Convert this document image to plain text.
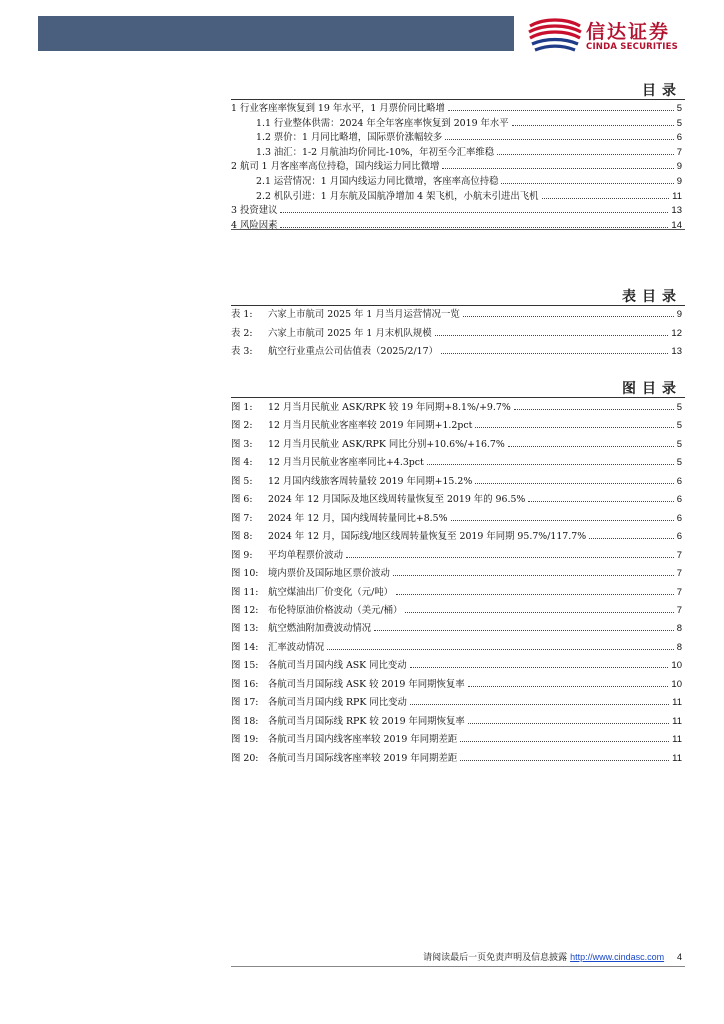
信达证券
CINDA SECURITIES
目录
1 行业客座率恢复到 19 年水平，1 月票价同比略增	5
1.1 行业整体供需：2024 年全年客座率恢复到 2019 年水平	5
1.2 票价：1 月同比略增，国际票价涨幅较多	6
1.3 油汇：1-2 月航油均价同比-10%，年初至今汇率维稳	7
2 航司 1 月客座率高位持稳，国内线运力同比微增	9
2.1 运营情况：1 月国内线运力同比微增，客座率高位持稳	9
2.2 机队引进：1 月东航及国航净增加 4 架飞机，小航未引进出飞机	11
3 投资建议	13
4 风险因素	14
表目录
表 1:	六家上市航司 2025 年 1 月当月运营情况一览	9
表 2:	六家上市航司 2025 年 1 月末机队规模	12
表 3:	航空行业重点公司估值表（2025/2/17）	13
图目录
图 1:	12 月当月民航业 ASK/RPK 较 19 年同期+8.1%/+9.7%	5
图 2:	12 月当月民航业客座率较 2019 年同期+1.2pct	5
图 3:	12 月当月民航业 ASK/RPK 同比分别+10.6%/+16.7%	5
图 4:	12 月当月民航业客座率同比+4.3pct	5
图 5:	12 月国内线旅客周转量较 2019 年同期+15.2%	6
图 6:	2024 年 12 月国际及地区线周转量恢复至 2019 年的 96.5%	6
图 7:	2024 年 12 月，国内线周转量同比+8.5%	6
图 8:	2024 年 12 月，国际线/地区线周转量恢复至 2019 年同期 95.7%/117.7%	6
图 9:	平均单程票价波动	7
图 10:	境内票价及国际地区票价波动	7
图 11:	航空煤油出厂价变化（元/吨）	7
图 12:	布伦特原油价格波动（美元/桶）	7
图 13:	航空燃油附加费波动情况	8
图 14:	汇率波动情况	8
图 15:	各航司当月国内线 ASK 同比变动	10
图 16:	各航司当月国际线 ASK 较 2019 年同期恢复率	10
图 17:	各航司当月国内线 RPK 同比变动	11
图 18:	各航司当月国际线 RPK 较 2019 年同期恢复率	11
图 19:	各航司当月国内线客座率较 2019 年同期差距	11
图 20:	各航司当月国际线客座率较 2019 年同期差距	11
请阅读最后一页免责声明及信息披露 http://www.cindasc.com 4
